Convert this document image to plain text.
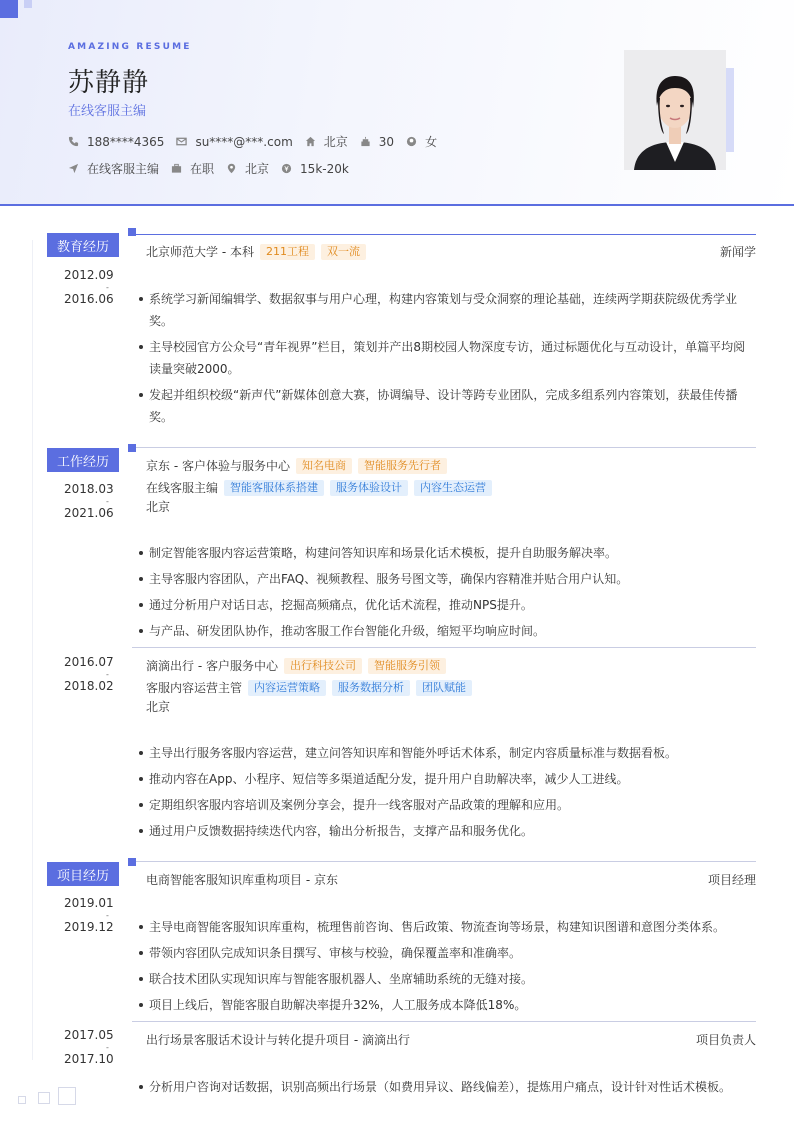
AMAZING RESUME
苏静静
在线客服主编
188****4365	su****@***.com	北京	30	女
在线客服主编	在职	北京	15k-20k
教育经历	北京师范大学 - 本科	211工程	双一流	新闻学
2012.09
-
2016.06	系统学习新闻编辑学、数据叙事与用户心理，构建内容策划与受众洞察的理论基础，连续两学期获院级优秀学业奖。
主导校园官方公众号“青年视界”栏目，策划并产出8期校园人物深度专访，通过标题优化与互动设计，单篇平均阅读量突破2000。
发起并组织校级“新声代”新媒体创意大赛，协调编导、设计等跨专业团队，完成多组系列内容策划，获最佳传播奖。
工作经历	京东 - 客户体验与服务中心	知名电商	智能服务先行者
在线客服主编	智能客服体系搭建	服务体验设计	内容生态运营
北京
2018.03
-
2021.06
制定智能客服内容运营策略，构建问答知识库和场景化话术模板，提升自助服务解决率。
主导客服内容团队，产出FAQ、视频教程、服务号图文等，确保内容精准并贴合用户认知。
通过分析用户对话日志，挖掘高频痛点，优化话术流程，推动NPS提升。
与产品、研发团队协作，推动客服工作台智能化升级，缩短平均响应时间。
滴滴出行 - 客户服务中心	出行科技公司	智能服务引领
客服内容运营主管	内容运营策略	服务数据分析	团队赋能
北京
2016.07
-
2018.02
主导出行服务客服内容运营，建立问答知识库和智能外呼话术体系，制定内容质量标准与数据看板。
推动内容在App、小程序、短信等多渠道适配分发，提升用户自助解决率，减少人工进线。
定期组织客服内容培训及案例分享会，提升一线客服对产品政策的理解和应用。
通过用户反馈数据持续迭代内容，输出分析报告，支撑产品和服务优化。
项目经历	电商智能客服知识库重构项目 - 京东	项目经理
2019.01
-
2019.12	主导电商智能客服知识库重构，梳理售前咨询、售后政策、物流查询等场景，构建知识图谱和意图分类体系。
带领内容团队完成知识条目撰写、审核与校验，确保覆盖率和准确率。
联合技术团队实现知识库与智能客服机器人、坐席辅助系统的无缝对接。
项目上线后，智能客服自助解决率提升32%，人工服务成本降低18%。
出行场景客服话术设计与转化提升项目 - 滴滴出行	项目负责人
2017.05
-
2017.10
分析用户咨询对话数据，识别高频出行场景（如费用异议、路线偏差），提炼用户痛点，设计针对性话术模板。
